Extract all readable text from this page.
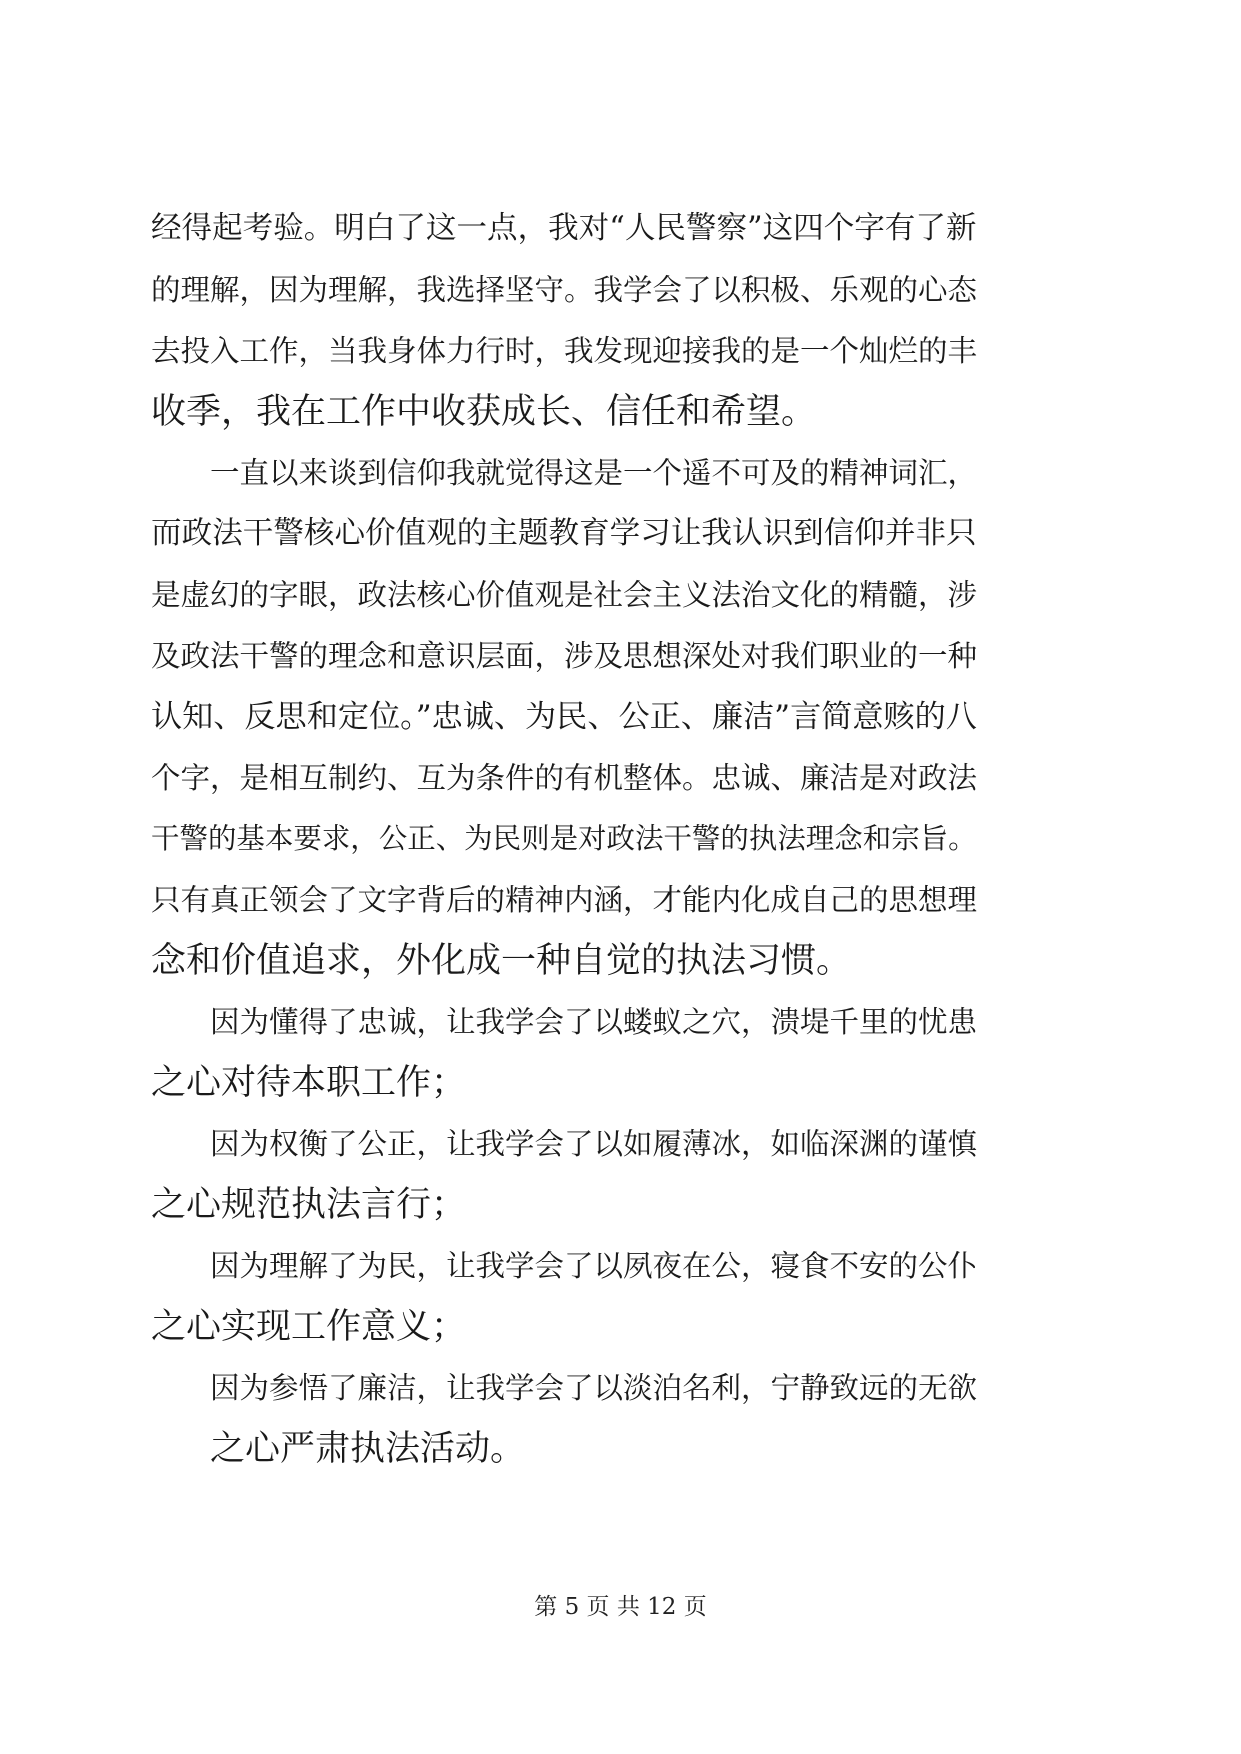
经得起考验。明白了这一点，我对“人民警察”这四个字有了新
的理解，因为理解，我选择坚守。我学会了以积极、乐观的心态
去投入工作，当我身体力行时，我发现迎接我的是一个灿烂的丰
收季，我在工作中收获成长、信任和希望。
一直以来谈到信仰我就觉得这是一个遥不可及的精神词汇，
而政法干警核心价值观的主题教育学习让我认识到信仰并非只
是虚幻的字眼，政法核心价值观是社会主义法治文化的精髓，涉
及政法干警的理念和意识层面，涉及思想深处对我们职业的一种
认知、反思和定位。”忠诚、为民、公正、廉洁”言简意赅的八
个字，是相互制约、互为条件的有机整体。忠诚、廉洁是对政法
干警的基本要求，公正、为民则是对政法干警的执法理念和宗旨。
只有真正领会了文字背后的精神内涵，才能内化成自己的思想理
念和价值追求，外化成一种自觉的执法习惯。
因为懂得了忠诚，让我学会了以蝼蚁之穴，溃堤千里的忧患
之心对待本职工作；
因为权衡了公正，让我学会了以如履薄冰，如临深渊的谨慎
之心规范执法言行；
因为理解了为民，让我学会了以夙夜在公，寝食不安的公仆
之心实现工作意义；
因为参悟了廉洁，让我学会了以淡泊名利，宁静致远的无欲
之心严肃执法活动。
第 5 页 共 12 页
